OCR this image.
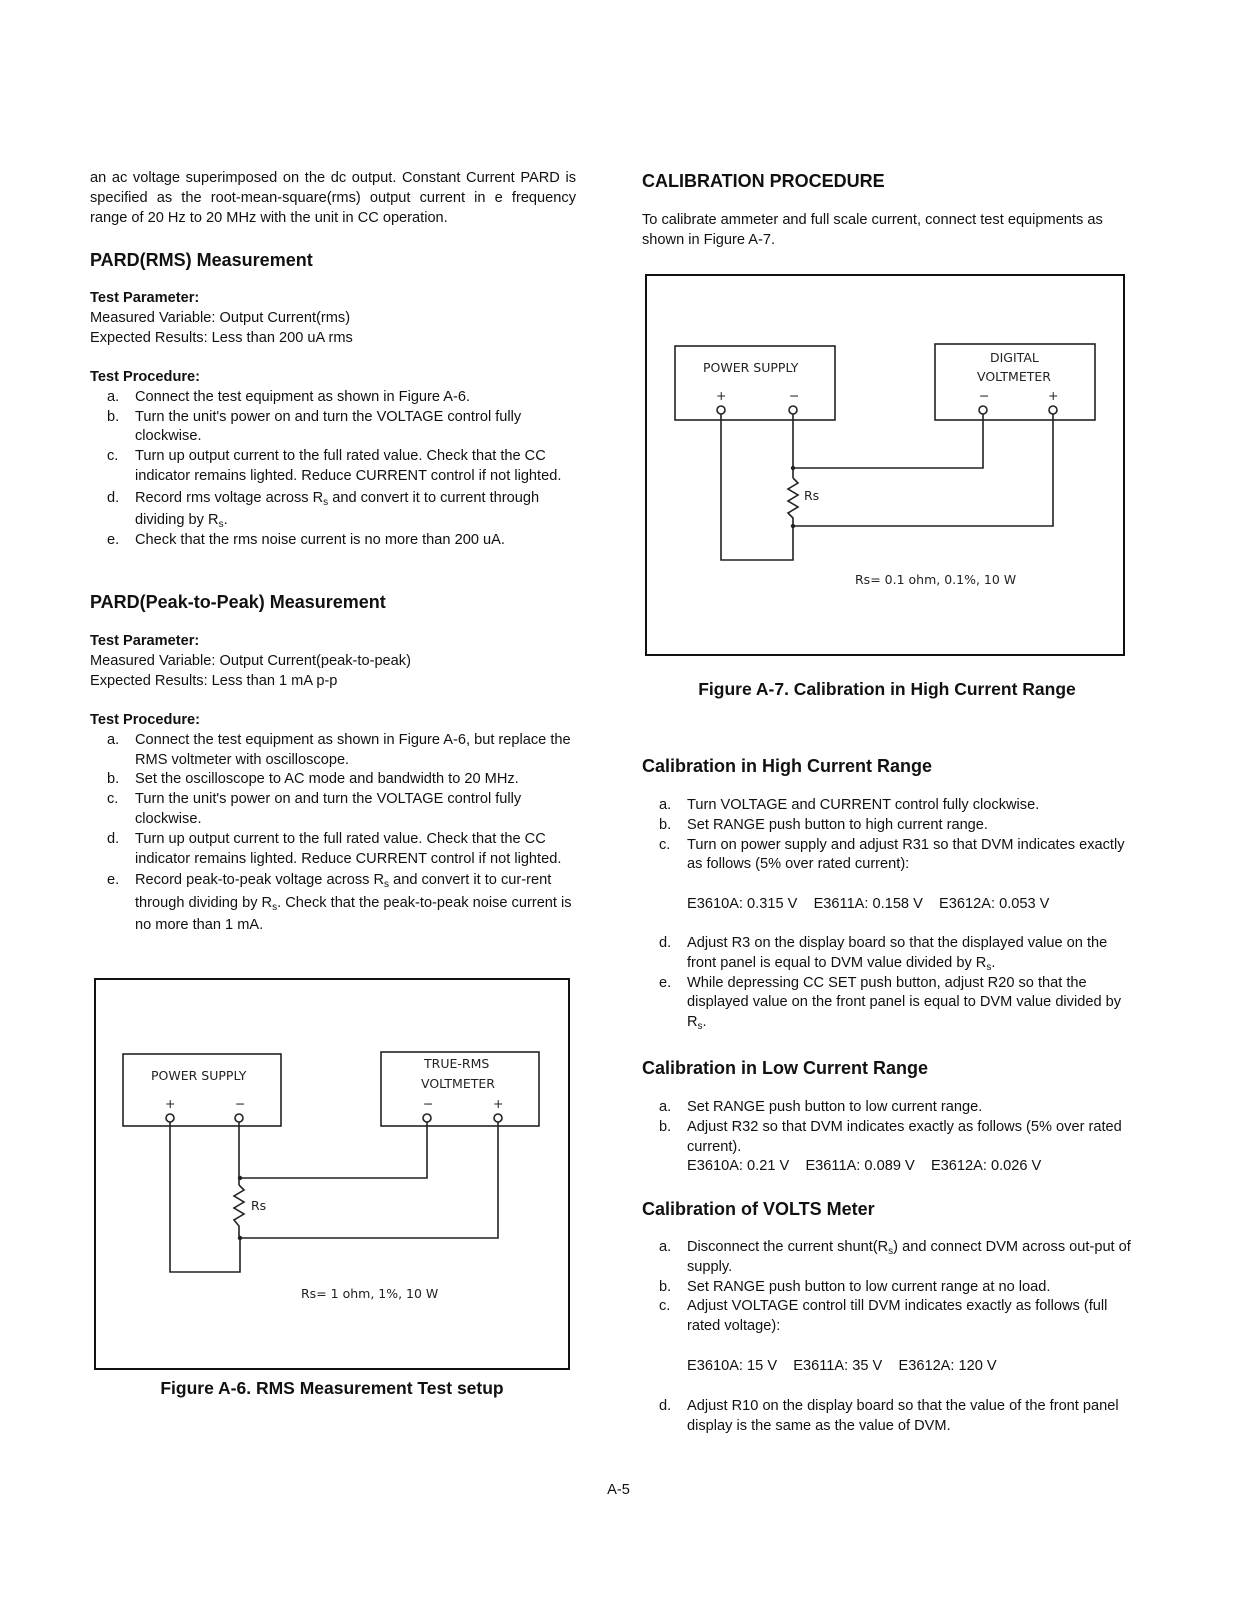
an ac voltage superimposed on the dc output. Constant Current PARD is specified as the root-mean-square(rms) output current in e frequency range of 20 Hz to 20 MHz with the unit in CC operation.

PARD(RMS) Measurement
Test Parameter:

Measured Variable: Output Current(rms)

Expected Results: Less than 200 uA rms

Test Procedure:
a. Connect the test equipment as shown in Figure A-6.
b. Turn the unit's power on and turn the VOLTAGE control fully clockwise.
c. Turn up output current to the full rated value. Check that the CC indicator remains lighted. Reduce CURRENT control if not lighted.
d. Record rms voltage across $R_s$ and convert it to current through dividing by $R_s$.
e. Check that the rms noise current is no more than 200 uA.
PARD(Peak-to-Peak) Measurement
Test Parameter:

Measured Variable: Output Current(peak-to-peak)

Expected Results: Less than 1 mA p-p

Test Procedure:
a. Connect the test equipment as shown in Figure A-6, but replace the RMS voltmeter with oscilloscope.
b. Set the oscilloscope to AC mode and bandwidth to 20 MHz.
c. Turn the unit's power on and turn the VOLTAGE control fully clockwise.
d. Turn up output current to the full rated value. Check that the CC indicator remains lighted. Reduce CURRENT control if not lighted.
e. Record peak-to-peak voltage across $R_s$ and convert it to cur-rent through dividing by $R_s$. Check that the peak-to-peak noise current is no more than 1 mA.
POWER SUPPLY
TRUE-RMS
VOLTMETER
+	−	−	+
Rs
Rs= 1 ohm, 1%, 10 W
Figure A-6. RMS Measurement Test setup
CALIBRATION PROCEDURE

To calibrate ammeter and full scale current, connect test equipments as shown in Figure A-7.

POWER SUPPLY
DIGITAL
VOLTMETER
+	−	−	+
Rs
Rs= 0.1 ohm, 0.1%, 10 W
Figure A-7. Calibration in High Current Range
Calibration in High Current Range
a. Turn VOLTAGE and CURRENT control fully clockwise.
b. Set RANGE push button to high current range.
c. Turn on power supply and adjust R31 so that DVM indicates exactly as follows (5% over rated current):
E3610A: 0.315 V    E3611A: 0.158 V    E3612A: 0.053 V
d. Adjust R3 on the display board so that the displayed value on the front panel is equal to DVM value divided by $R_s$.
e. While depressing CC SET push button, adjust R20 so that the displayed value on the front panel is equal to DVM value divided by $R_s$.
Calibration in Low Current Range
a. Set RANGE push button to low current range.
b. Adjust R32 so that DVM indicates exactly as follows (5% over rated current).
E3610A: 0.21 V    E3611A: 0.089 V    E3612A: 0.026 V
Calibration of VOLTS Meter
a. Disconnect the current $shunt(R_s)$ and connect DVM across out-put of supply.
b. Set RANGE push button to low current range at no load.
c. Adjust VOLTAGE control till DVM indicates exactly as follows (full rated voltage):
E3610A: 15 V    E3611A: 35 V    E3612A: 120 V
d. Adjust R10 on the display board so that the value of the front panel display is the same as the value of DVM.
A-5
